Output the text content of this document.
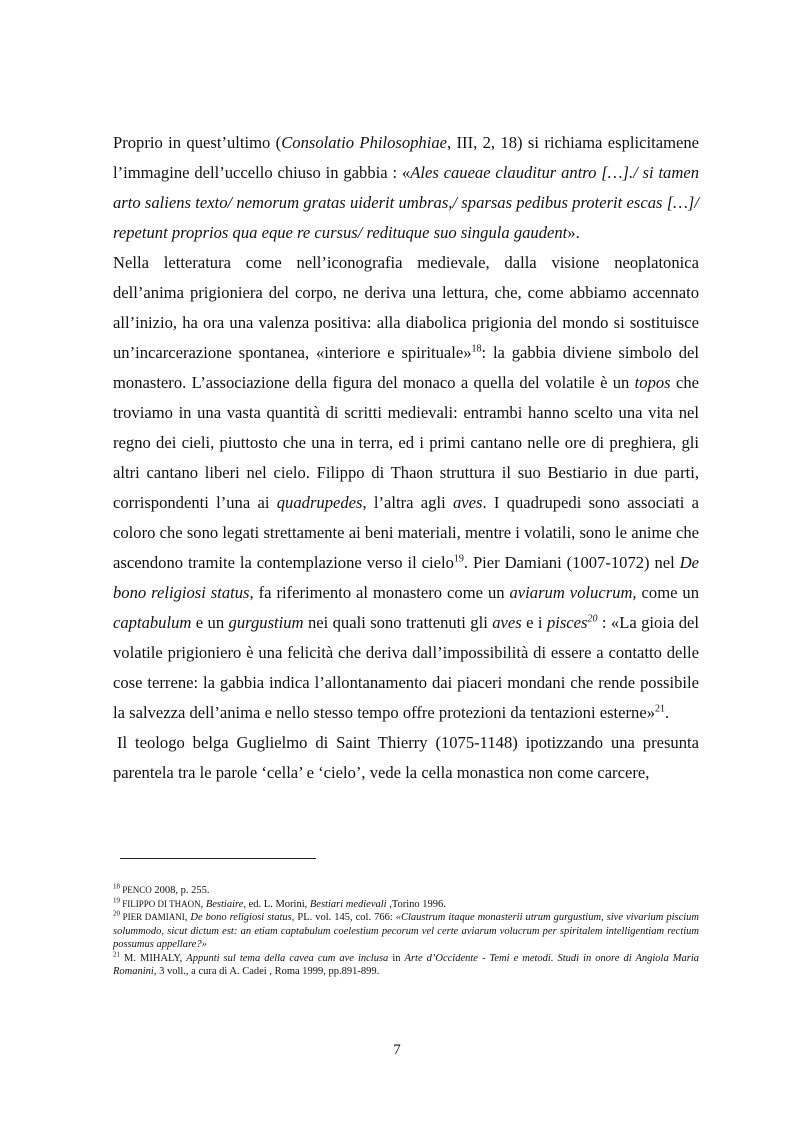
Proprio in quest’ultimo (Consolatio Philosophiae, III, 2, 18) si richiama esplicitamene l’immagine dell’uccello chiuso in gabbia : «Ales caueae clauditur antro […]./ si tamen arto saliens texto/ nemorum gratas uiderit umbras,/ sparsas pedibus proterit escas […]/ repetunt proprios qua eque re cursus/ redituque suo singula gaudent».

Nella letteratura come nell’iconografia medievale, dalla visione neoplatonica dell’anima prigioniera del corpo, ne deriva una lettura, che, come abbiamo accennato all’inizio, ha ora una valenza positiva: alla diabolica prigionia del mondo si sostituisce un’incarcerazione spontanea, «interiore e spirituale»$^{18}$: la gabbia diviene simbolo del monastero. L’associazione della figura del monaco a quella del volatile è un topos che troviamo in una vasta quantità di scritti medievali: entrambi hanno scelto una vita nel regno dei cieli, piuttosto che una in terra, ed i primi cantano nelle ore di preghiera, gli altri cantano liberi nel cielo. Filippo di Thaon struttura il suo Bestiario in due parti, corrispondenti l’una ai quadrupedes, l’altra agli aves. I quadrupedi sono associati a coloro che sono legati strettamente ai beni materiali, mentre i volatili, sono le anime che ascendono tramite la contemplazione verso il cielo$^{19}$. Pier Damiani (1007-1072) nel De bono religiosi status, fa riferimento al monastero come un aviarum volucrum, come un captabulum e un gurgustium nei quali sono trattenuti gli aves e i pisces$^{20}$ : «La gioia del volatile prigioniero è una felicità che deriva dall’impossibilità di essere a contatto delle cose terrene: la gabbia indica l’allontanamento dai piaceri mondani che rende possibile la salvezza dell’anima e nello stesso tempo offre protezioni da tentazioni esterne»$^{21}$.

Il teologo belga Guglielmo di Saint Thierry (1075-1148) ipotizzando una presunta parentela tra le parole ‘cella’ e ‘cielo’, vede la cella monastica non come carcere,

$^{18}$ PENCO 2008, p. 255.

$^{19}$ FILIPPO DI THAON, Bestiaire, ed. L. Morini, Bestiari medievali ,Torino 1996.

$^{20}$ PIER DAMIANI, De bono religiosi status, PL. vol. 145, col. 766: «Claustrum itaque monasterii utrum gurgustium, sive vivarium piscium solummodo, sicut dictum est: an etiam captabulum coelestium pecorum vel certe aviarum volucrum per spiritalem intelligentiam rectium possumus appellare?»

$^{21}$ M. MIHALY, Appunti sul tema della cavea cum ave inclusa in Arte d’Occidente - Temi e metodi. Studi in onore di Angiola Maria Romanini, 3 voll., a cura di A. Cadei , Roma 1999, pp.891-899.

7
